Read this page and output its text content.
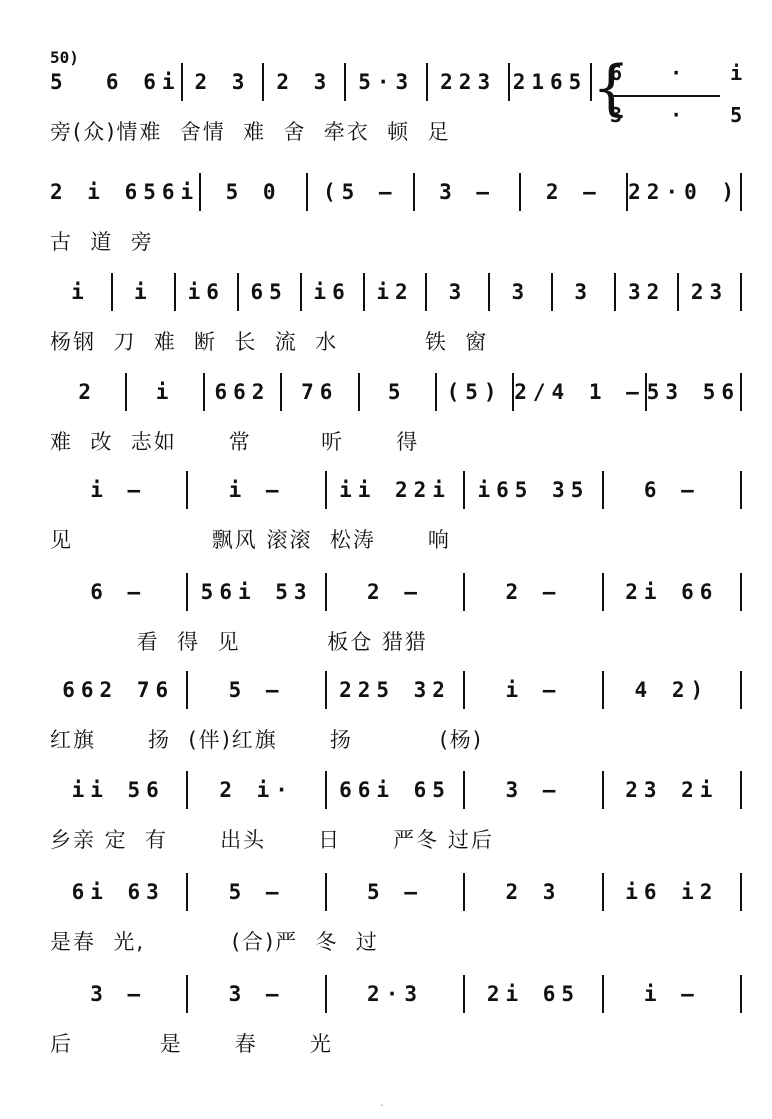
50)	{
6 · i
3 · 5
5  6 6i 2 3	2 3	5·3	223 2165
旁(众)情难  舍情  难  舍  牵衣  顿  足
2 i 656i	5 0	(5 —	3 —	2 —	22·0 )
古  道  旁
i	i	i6	65	i6	i2	3	3	3	32	23
杨钢  刀  难  断  长  流  水          铁  窗
2	i	662	76	5	(5) 2/4 1 — 53 56
难  改  志如      常        听      得
i —	i —	ii 22i	i65 35	6 —
见                飘风 滚滚  松涛      响
6 —	56i 53	2 —	2 —	2i 66
看  得  见          板仓 猎猎
662 76	5 —	225 32	i —	4 2)
红旗      扬  (伴)红旗      扬          (杨)
ii 56	2 i·	66i 65	3 —	23 2i
乡亲 定  有      出头      日      严冬 过后
6i 63	5 —	5 —	2 3	i6 i2
是春  光,          (合)严  冬  过
3 —	3 —	2·3	2i 65	i —
后          是      春      光
-
